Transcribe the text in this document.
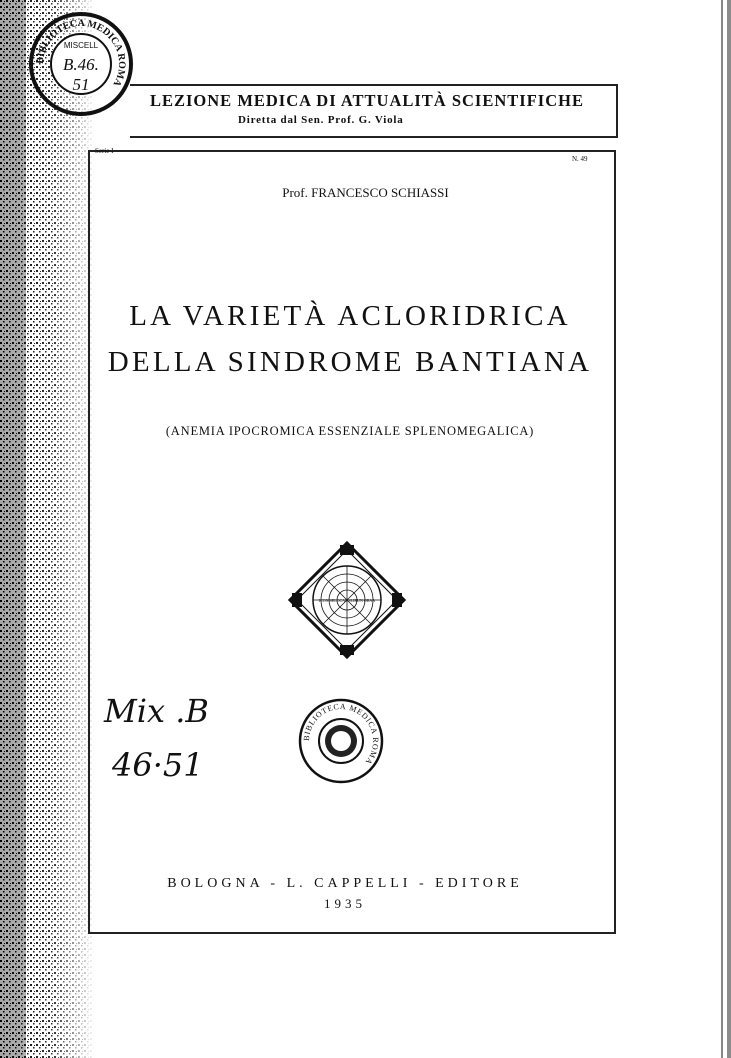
LEZIONE MEDICA DI ATTUALITÀ SCIENTIFICHE
Diretta dal Sen. Prof. G. Viola
Serie I
N. 49
Prof. FRANCESCO SCHIASSI
LA VARIETÀ ACLORIDRICA
DELLA SINDROME BANTIANA
(ANEMIA IPOCROMICA ESSENZIALE SPLENOMEGALICA)
ICON SELOCAL SLIRUN OBAA
BIBLIOTECA MEDICA ROMA
MISCELL
B.46.
51
BIBLIOTECA MEDICA ROMA
Mix .B
46·51
BOLOGNA - L. CAPPELLI - EDITORE
1935
